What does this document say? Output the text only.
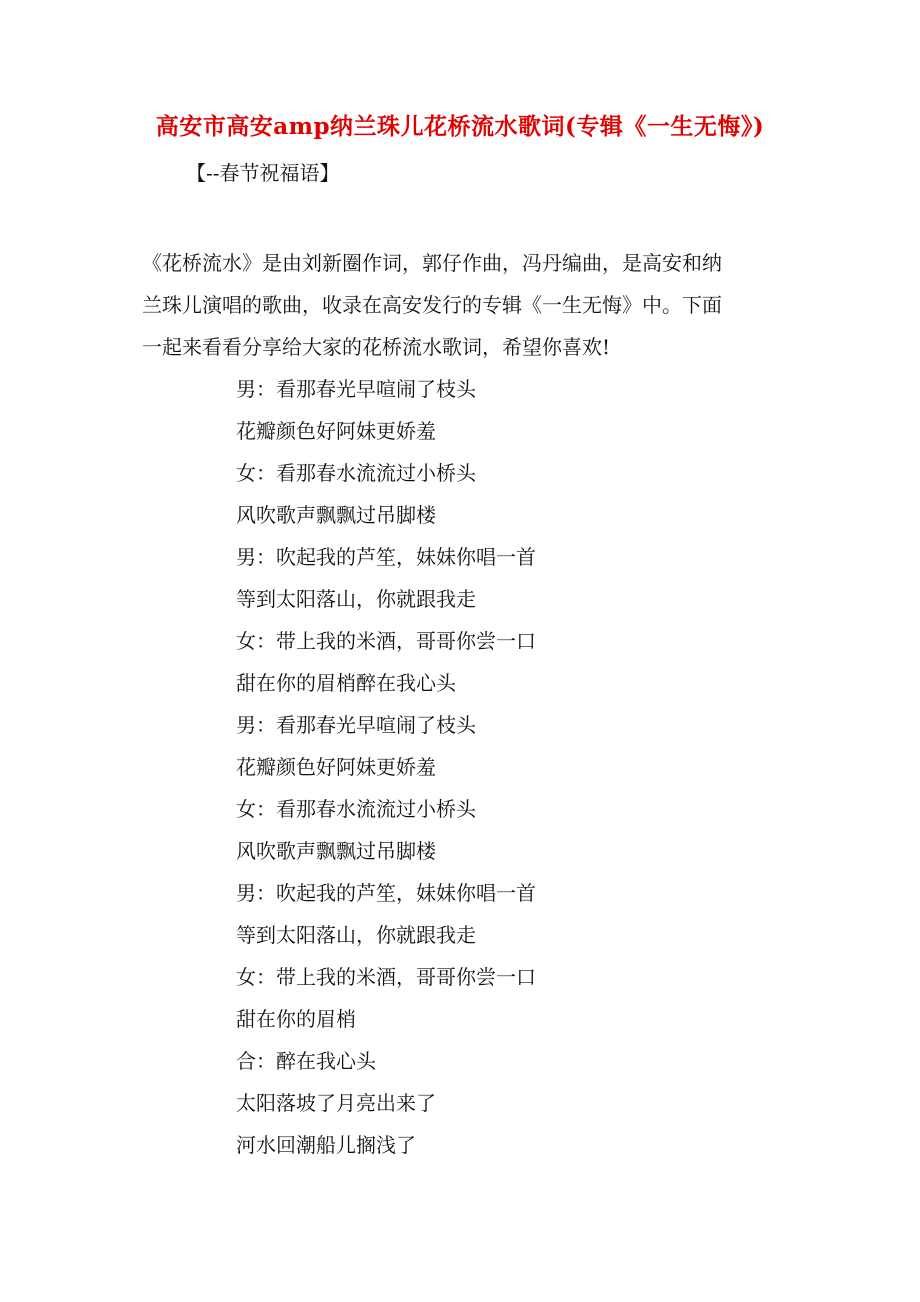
高安市高安amp纳兰珠儿花桥流水歌词(专辑《一生无悔》)

【--春节祝福语】

《花桥流水》是由刘新圈作词，郭仔作曲，冯丹编曲，是高安和纳
兰珠儿演唱的歌曲，收录在高安发行的专辑《一生无悔》中。下面
一起来看看分享给大家的花桥流水歌词，希望你喜欢!

男：看那春光早喧闹了枝头
花瓣颜色好阿妹更娇羞
女：看那春水流流过小桥头
风吹歌声飘飘过吊脚楼
男：吹起我的芦笙，妹妹你唱一首
等到太阳落山，你就跟我走
女：带上我的米酒，哥哥你尝一口
甜在你的眉梢醉在我心头
男：看那春光早喧闹了枝头
花瓣颜色好阿妹更娇羞
女：看那春水流流过小桥头
风吹歌声飘飘过吊脚楼
男：吹起我的芦笙，妹妹你唱一首
等到太阳落山，你就跟我走
女：带上我的米酒，哥哥你尝一口
甜在你的眉梢
合：醉在我心头
太阳落坡了月亮出来了
河水回潮船儿搁浅了
